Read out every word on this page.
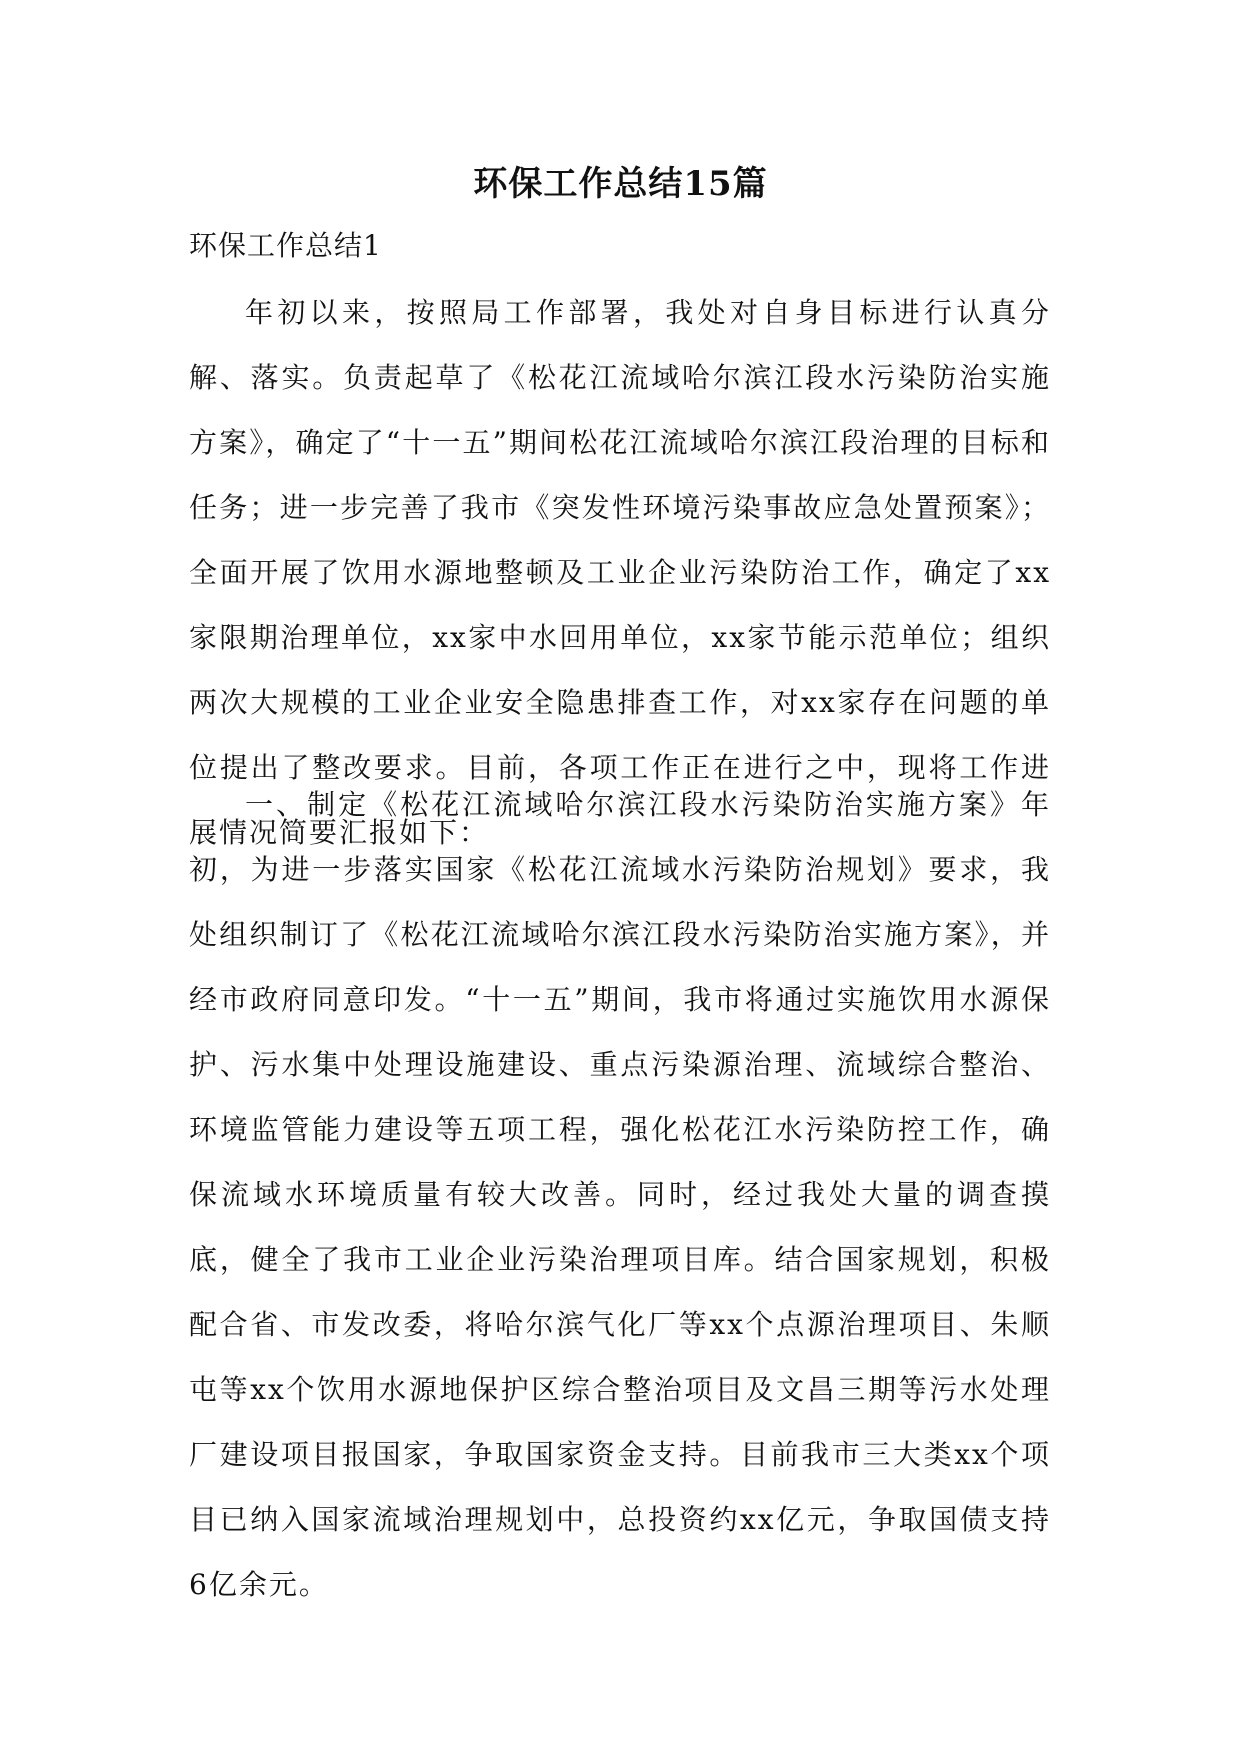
环保工作总结15篇
环保工作总结1

年初以来，按照局工作部署，我处对自身目标进行认真分解、落实。负责起草了《松花江流域哈尔滨江段水污染防治实施方案》，确定了“十一五”期间松花江流域哈尔滨江段治理的目标和任务；进一步完善了我市《突发性环境污染事故应急处置预案》；全面开展了饮用水源地整顿及工业企业污染防治工作，确定了xx家限期治理单位，xx家中水回用单位，xx家节能示范单位；组织两次大规模的工业企业安全隐患排查工作，对xx家存在问题的单位提出了整改要求。目前，各项工作正在进行之中，现将工作进展情况简要汇报如下：

一、制定《松花江流域哈尔滨江段水污染防治实施方案》年初，为进一步落实国家《松花江流域水污染防治规划》要求，我处组织制订了《松花江流域哈尔滨江段水污染防治实施方案》，并经市政府同意印发。“十一五”期间，我市将通过实施饮用水源保护、污水集中处理设施建设、重点污染源治理、流域综合整治、环境监管能力建设等五项工程，强化松花江水污染防控工作，确保流域水环境质量有较大改善。同时，经过我处大量的调查摸底，健全了我市工业企业污染治理项目库。结合国家规划，积极配合省、市发改委，将哈尔滨气化厂等xx个点源治理项目、朱顺屯等xx个饮用水源地保护区综合整治项目及文昌三期等污水处理厂建设项目报国家，争取国家资金支持。目前我市三大类xx个项目已纳入国家流域治理规划中，总投资约xx亿元，争取国债支持6亿余元。
